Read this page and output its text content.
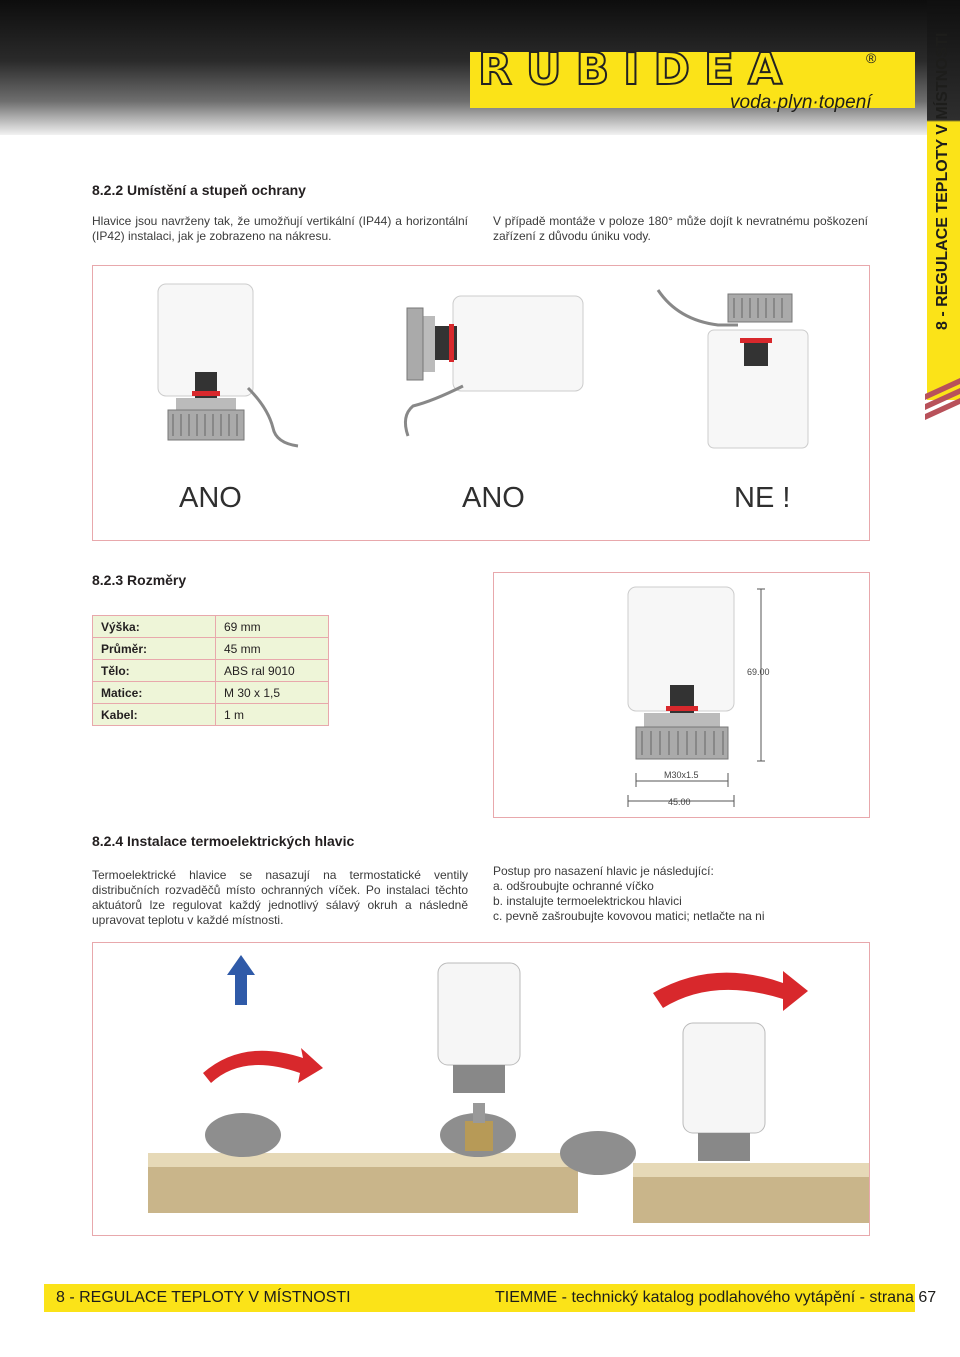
RUBIDEA	®
voda·plyn·topení	8 - REGULACE TEPLOTY V MÍSTNOSTI
8.2.2 Umístění a stupeň ochrany
Hlavice jsou navrženy tak, že umožňují vertikální (IP44) a horizontální (IP42) instalaci, jak je zobrazeno na nákresu.
V případě montáže v poloze 180° může dojít k nevratnému poškození zařízení z důvodu úniku vody.
ANO	ANO	NE !
8.2.3 Rozměry
Výška:	69 mm
Průměr:	45 mm
Tělo:	ABS ral 9010
Matice:	M 30 x 1,5
Kabel:	1 m
69.00
M30x1.5
45.00
8.2.4 Instalace termoelektrických hlavic
Termoelektrické hlavice se nasazují na termostatické ventily distribučních rozvaděčů místo ochranných víček. Po instalaci těchto aktuátorů lze regulovat každý jednotlivý sálavý okruh a následně upravovat teplotu v každé místnosti.
Postup pro nasazení hlavic je následující:
a. odšroubujte ochranné víčko
b. instalujte termoelektrickou hlavici
c. pevně zašroubujte kovovou matici; netlačte na ni
8 - REGULACE TEPLOTY V MÍSTNOSTI	TIEMME - technický katalog podlahového vytápění - strana 67
